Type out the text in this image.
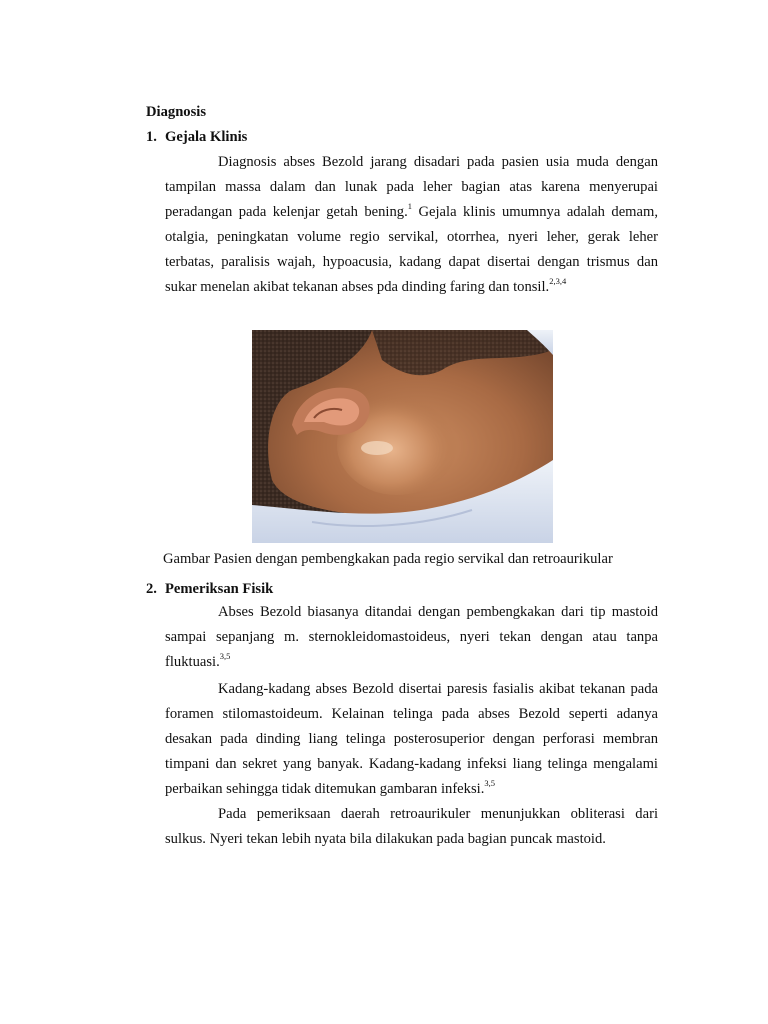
Diagnosis
1. Gejala Klinis

Diagnosis abses Bezold jarang disadari pada pasien usia muda dengan tampilan massa dalam dan lunak pada leher bagian atas karena menyerupai peradangan pada kelenjar getah bening.$^1$ Gejala klinis umumnya adalah demam, otalgia, peningkatan volume regio servikal, otorrhea, nyeri leher, gerak leher terbatas, paralisis wajah, hypoacusia, kadang dapat disertai dengan trismus dan sukar menelan akibat tekanan abses pda dinding faring dan tonsil.$^{2,3,4}$

Gambar Pasien dengan pembengkakan pada regio servikal dan retroaurikular

2. Pemeriksan Fisik

Abses Bezold biasanya ditandai dengan pembengkakan dari tip mastoid sampai sepanjang m. sternokleidomastoideus, nyeri tekan dengan atau tanpa fluktuasi.$^{3,5}$

Kadang-kadang abses Bezold disertai paresis fasialis akibat tekanan pada foramen stilomastoideum. Kelainan telinga pada abses Bezold seperti adanya desakan pada dinding liang telinga posterosuperior dengan perforasi membran timpani dan sekret yang banyak. Kadang-kadang infeksi liang telinga mengalami perbaikan sehingga tidak ditemukan gambaran infeksi.$^{3,5}$

Pada pemeriksaan daerah retroaurikuler menunjukkan obliterasi dari sulkus. Nyeri tekan lebih nyata bila dilakukan pada bagian puncak mastoid.
